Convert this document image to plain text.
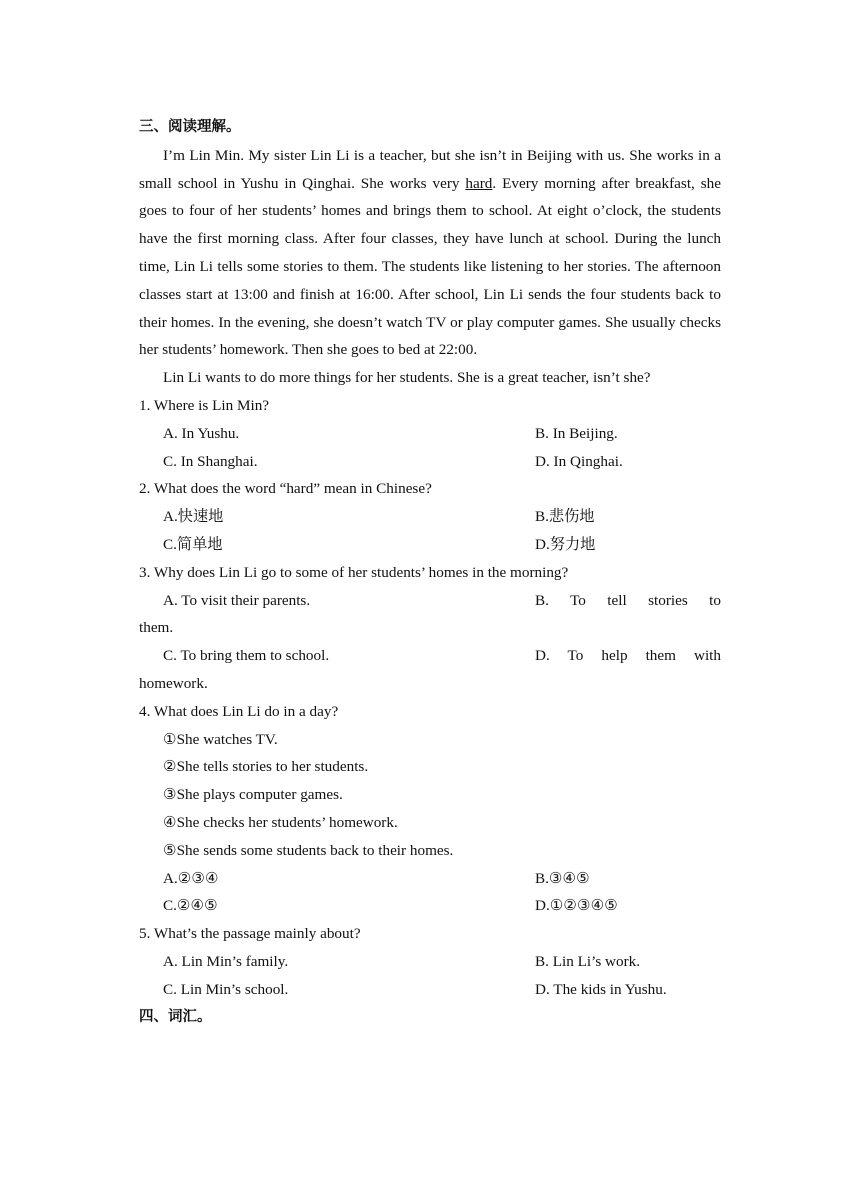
三、阅读理解。
I’m Lin Min. My sister Lin Li is a teacher, but she isn’t in Beijing with us. She works in a small school in Yushu in Qinghai. She works very hard. Every morning after breakfast, she goes to four of her students’ homes and brings them to school. At eight o’clock, the students have the first morning class. After four classes, they have lunch at school. During the lunch time, Lin Li tells some stories to them. The students like listening to her stories. The afternoon classes start at 13:00 and finish at 16:00. After school, Lin Li sends the four students back to their homes. In the evening, she doesn’t watch TV or play computer games. She usually checks her students’ homework. Then she goes to bed at 22:00.
Lin Li wants to do more things for her students. She is a great teacher, isn’t she?
1. Where is Lin Min?
A. In Yushu.	B. In Beijing.
C. In Shanghai.	D. In Qinghai.
2. What does the word “hard” mean in Chinese?
A.快速地	B.悲伤地
C.简单地	D.努力地
3. Why does Lin Li go to some of her students’ homes in the morning?
A. To visit their parents.	B. To tell stories to
them.
C. To bring them to school.	D. To help them with
homework.
4. What does Lin Li do in a day?
①She watches TV.
②She tells stories to her students.
③She plays computer games.
④She checks her students’ homework.
⑤She sends some students back to their homes.
A.②③④	B.③④⑤
C.②④⑤	D.①②③④⑤
5. What’s the passage mainly about?
A. Lin Min’s family.	B. Lin Li’s work.
C. Lin Min’s school.	D. The kids in Yushu.
四、词汇。
